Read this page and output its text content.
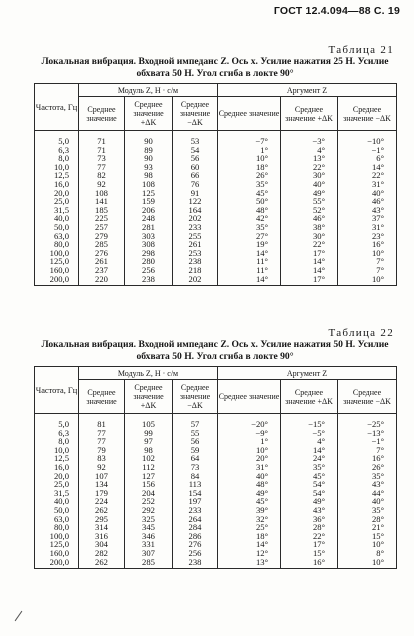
ГОСТ 12.4.094—88 С. 19
Таблица 21
Локальная вибрация. Входной импеданс Z. Ось x. Усилие нажатия 25 Н. Усилие обхвата 50 Н. Угол сгиба в локте 90°
Частота, Гц	Модуль Z, Н · с/м			Аргумент Z		
	Среднее значение	Среднее значение +ΔK	Среднее значение −ΔK	Среднее значение	Среднее значение +ΔK	Среднее значение −ΔK
5,0	71	90	53	−7°	−3°	−10°
6,3	71	89	54	1°	4°	−1°
8,0	73	90	56	10°	13°	6°
10,0	77	93	60	18°	22°	14°
12,5	82	98	66	26°	30°	22°
16,0	92	108	76	35°	40°	31°
20,0	108	125	91	45°	49°	40°
25,0	141	159	122	50°	55°	46°
31,5	185	206	164	48°	52°	43°
40,0	225	248	202	42°	46°	37°
50,0	257	281	233	35°	38°	31°
63,0	279	303	255	27°	30°	23°
80,0	285	308	261	19°	22°	16°
100,0	276	298	253	14°	17°	10°
125,0	261	280	238	11°	14°	7°
160,0	237	256	218	11°	14°	7°
200,0	220	238	202	14°	17°	10°
Таблица 22
Локальная вибрация. Входной импеданс Z. Ось x. Усилие нажатия 50 Н. Усилие обхвата 50 Н. Угол сгиба в локте 90°
Частота, Гц	Модуль Z, Н · с/м			Аргумент Z		
	Среднее значение	Среднее значение +ΔK	Среднее значение −ΔK	Среднее значение	Среднее значение +ΔK	Среднее значение −ΔK
5,0	81	105	57	−20°	−15°	−25°
6,3	77	99	55	−9°	−5°	−13°
8,0	77	97	56	1°	4°	−1°
10,0	79	98	59	10°	14°	7°
12,5	83	102	64	20°	24°	16°
16,0	92	112	73	31°	35°	26°
20,0	107	127	84	40°	45°	35°
25,0	134	156	113	48°	54°	43°
31,5	179	204	154	49°	54°	44°
40,0	224	252	197	45°	49°	40°
50,0	262	292	233	39°	43°	35°
63,0	295	325	264	32°	36°	28°
80,0	314	345	284	25°	28°	21°
100,0	316	346	286	18°	22°	15°
125,0	304	331	276	14°	17°	10°
160,0	282	307	256	12°	15°	8°
200,0	262	285	238	13°	16°	10°
